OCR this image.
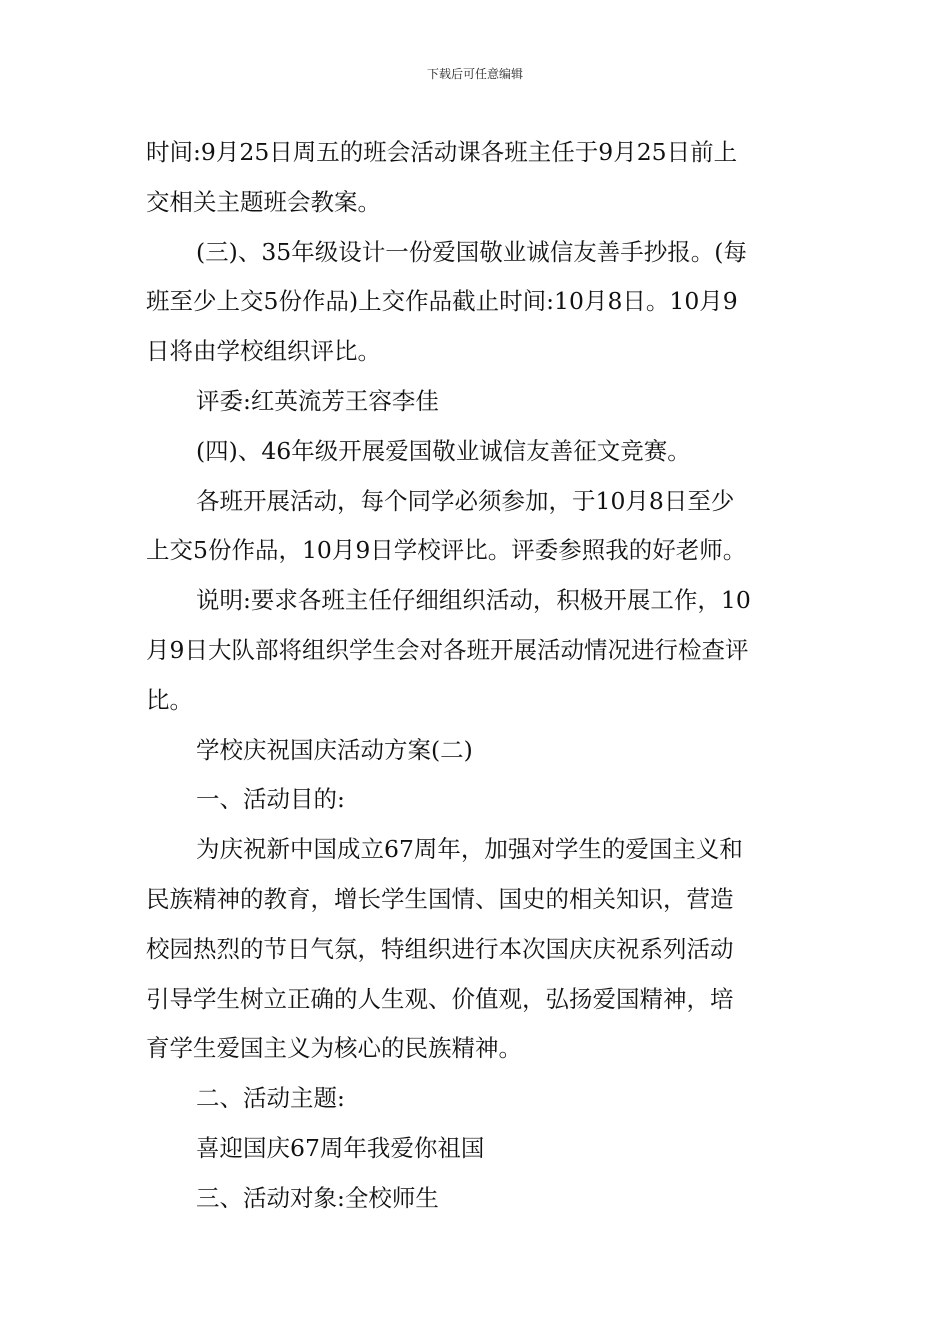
下载后可任意编辑

时间:9月25日周五的班会活动课各班主任于9月25日前上

交相关主题班会教案。

(三)、35年级设计一份爱国敬业诚信友善手抄报。(每

班至少上交5份作品)上交作品截止时间:10月8日。10月9

日将由学校组织评比。

评委:红英流芳王容李佳

(四)、46年级开展爱国敬业诚信友善征文竞赛。

各班开展活动，每个同学必须参加，于10月8日至少

上交5份作品，10月9日学校评比。评委参照我的好老师。

说明:要求各班主任仔细组织活动，积极开展工作，10

月9日大队部将组织学生会对各班开展活动情况进行检查评

比。

学校庆祝国庆活动方案(二)

一、活动目的:

为庆祝新中国成立67周年，加强对学生的爱国主义和

民族精神的教育，增长学生国情、国史的相关知识，营造

校园热烈的节日气氛，特组织进行本次国庆庆祝系列活动

引导学生树立正确的人生观、价值观，弘扬爱国精神，培

育学生爱国主义为核心的民族精神。

二、活动主题:

喜迎国庆67周年我爱你祖国

三、活动对象:全校师生
